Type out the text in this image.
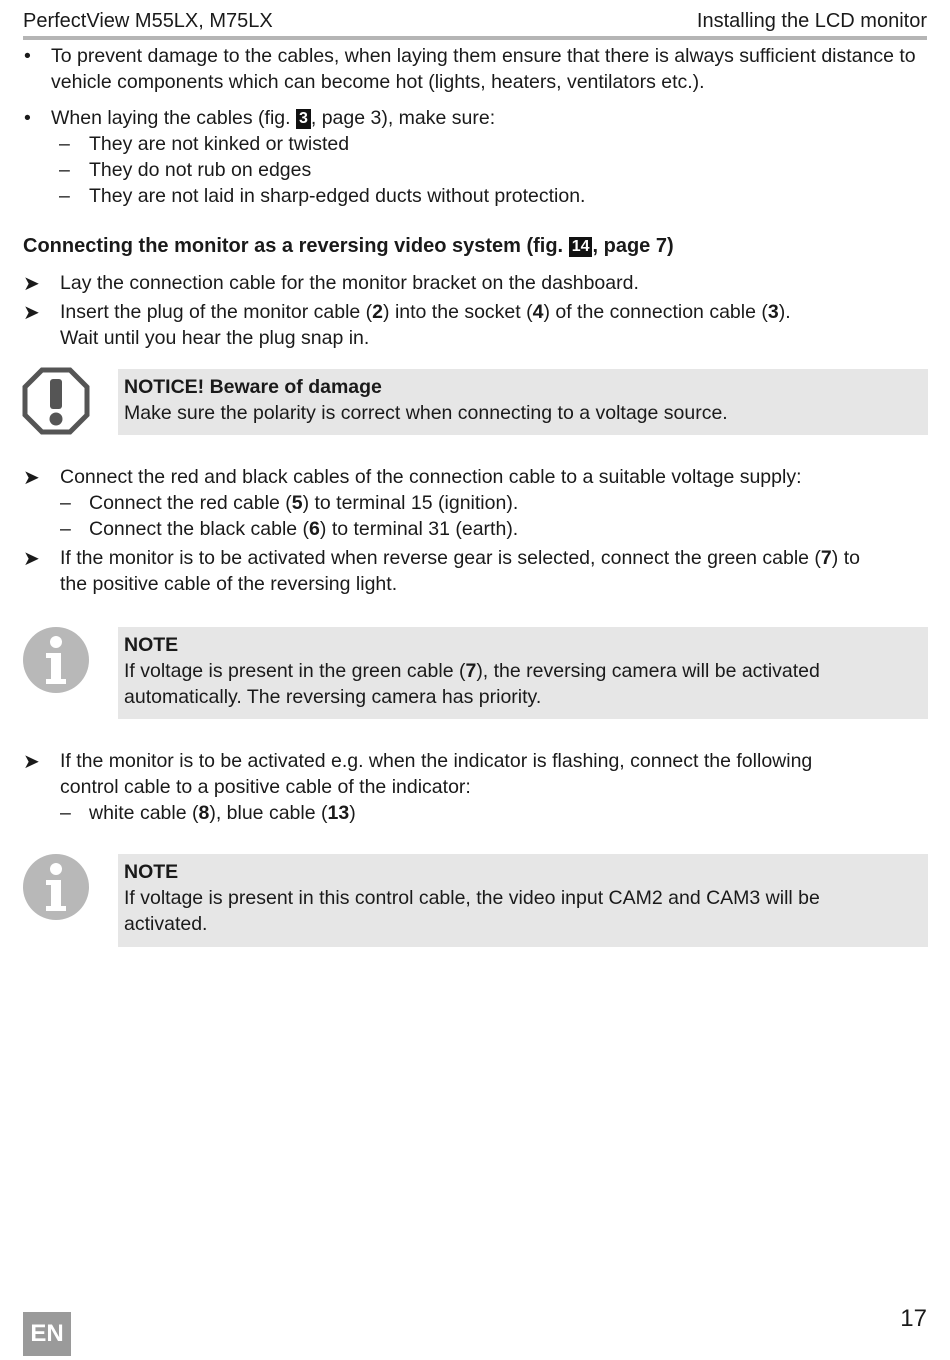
PerfectView M55LX, M75LX	Installing the LCD monitor
• To prevent damage to the cables, when laying them ensure that there is always sufficient distance to vehicle components which can become hot (lights, heaters, ventilators etc.).
• When laying the cables (fig. 3 , page 3), make sure:
– They are not kinked or twisted
– They do not rub on edges
– They are not laid in sharp-edged ducts without protection.
Connecting the monitor as a reversing video system (fig. 14 , page 7)
➤ Lay the connection cable for the monitor bracket on the dashboard.
➤ Insert the plug of the monitor cable (2) into the socket (4) of the connection cable (3).
Wait until you hear the plug snap in.
NOTICE! Beware of damage
Make sure the polarity is correct when connecting to a voltage source.
➤ Connect the red and black cables of the connection cable to a suitable voltage supply:
– Connect the red cable (5) to terminal 15 (ignition).
– Connect the black cable (6) to terminal 31 (earth).
➤ If the monitor is to be activated when reverse gear is selected, connect the green cable (7) to
the positive cable of the reversing light.
NOTE
If voltage is present in the green cable (7), the reversing camera will be activated
automatically. The reversing camera has priority.
➤ If the monitor is to be activated e.g. when the indicator is flashing, connect the following
control cable to a positive cable of the indicator:
– white cable (8), blue cable (13)
NOTE
If voltage is present in this control cable, the video input CAM2 and CAM3 will be
activated.
EN
17
